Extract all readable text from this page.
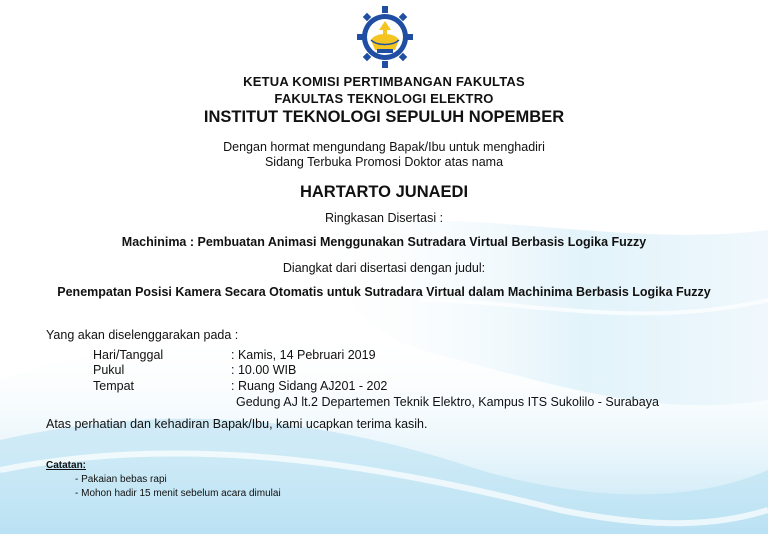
KETUA KOMISI PERTIMBANGAN FAKULTAS
FAKULTAS TEKNOLOGI ELEKTRO
INSTITUT TEKNOLOGI SEPULUH NOPEMBER
Dengan hormat mengundang Bapak/Ibu untuk menghadiri
Sidang Terbuka Promosi Doktor atas nama
HARTARTO JUNAEDI
Ringkasan Disertasi :
Machinima : Pembuatan Animasi Menggunakan Sutradara Virtual Berbasis Logika Fuzzy
Diangkat dari disertasi dengan judul:
Penempatan Posisi Kamera Secara Otomatis untuk Sutradara Virtual dalam Machinima Berbasis Logika Fuzzy
Yang akan diselenggarakan pada :
Hari/Tanggal	: Kamis, 14 Pebruari 2019
Pukul	: 10.00 WIB
Tempat	: Ruang Sidang AJ201 - 202
Gedung AJ lt.2 Departemen Teknik Elektro, Kampus ITS Sukolilo - Surabaya
Atas perhatian dan kehadiran Bapak/Ibu, kami ucapkan terima kasih.
Catatan:
- Pakaian bebas rapi
- Mohon hadir 15 menit sebelum acara dimulai
